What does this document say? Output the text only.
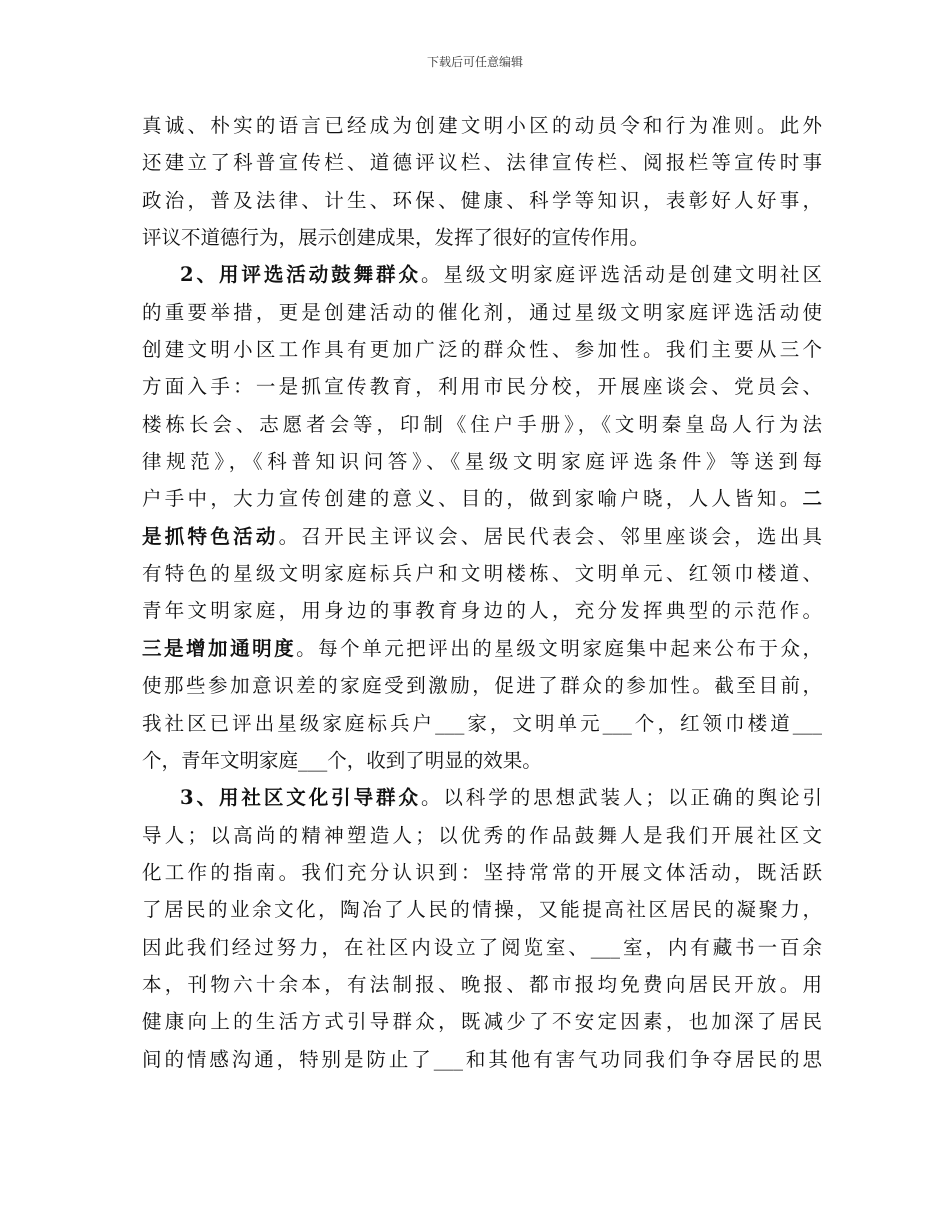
下载后可任意编辑
真诚、朴实的语言已经成为创建文明小区的动员令和行为准则。此外
还建立了科普宣传栏、道德评议栏、法律宣传栏、阅报栏等宣传时事
政治，普及法律、计生、环保、健康、科学等知识，表彰好人好事，
评议不道德行为，展示创建成果，发挥了很好的宣传作用。
2、用评选活动鼓舞群众。星级文明家庭评选活动是创建文明社区
的重要举措，更是创建活动的催化剂，通过星级文明家庭评选活动使
创建文明小区工作具有更加广泛的群众性、参加性。我们主要从三个
方面入手：一是抓宣传教育，利用市民分校，开展座谈会、党员会、
楼栋长会、志愿者会等，印制《住户手册》，《文明秦皇岛人行为法
律规范》，《科普知识问答》、《星级文明家庭评选条件》等送到每
户手中，大力宣传创建的意义、目的，做到家喻户晓，人人皆知。二
是抓特色活动。召开民主评议会、居民代表会、邻里座谈会，选出具
有特色的星级文明家庭标兵户和文明楼栋、文明单元、红领巾楼道、
青年文明家庭，用身边的事教育身边的人，充分发挥典型的示范作。
三是增加通明度。每个单元把评出的星级文明家庭集中起来公布于众，
使那些参加意识差的家庭受到激励，促进了群众的参加性。截至目前，
我社区已评出星级家庭标兵户___家，文明单元___个，红领巾楼道___
个，青年文明家庭___个，收到了明显的效果。
3、用社区文化引导群众。以科学的思想武装人；以正确的舆论引
导人；以高尚的精神塑造人；以优秀的作品鼓舞人是我们开展社区文
化工作的指南。我们充分认识到：坚持常常的开展文体活动，既活跃
了居民的业余文化，陶冶了人民的情操，又能提高社区居民的凝聚力，
因此我们经过努力，在社区内设立了阅览室、___室，内有藏书一百余
本，刊物六十余本，有法制报、晚报、都市报均免费向居民开放。用
健康向上的生活方式引导群众，既减少了不安定因素，也加深了居民
间的情感沟通，特别是防止了___和其他有害气功同我们争夺居民的思
